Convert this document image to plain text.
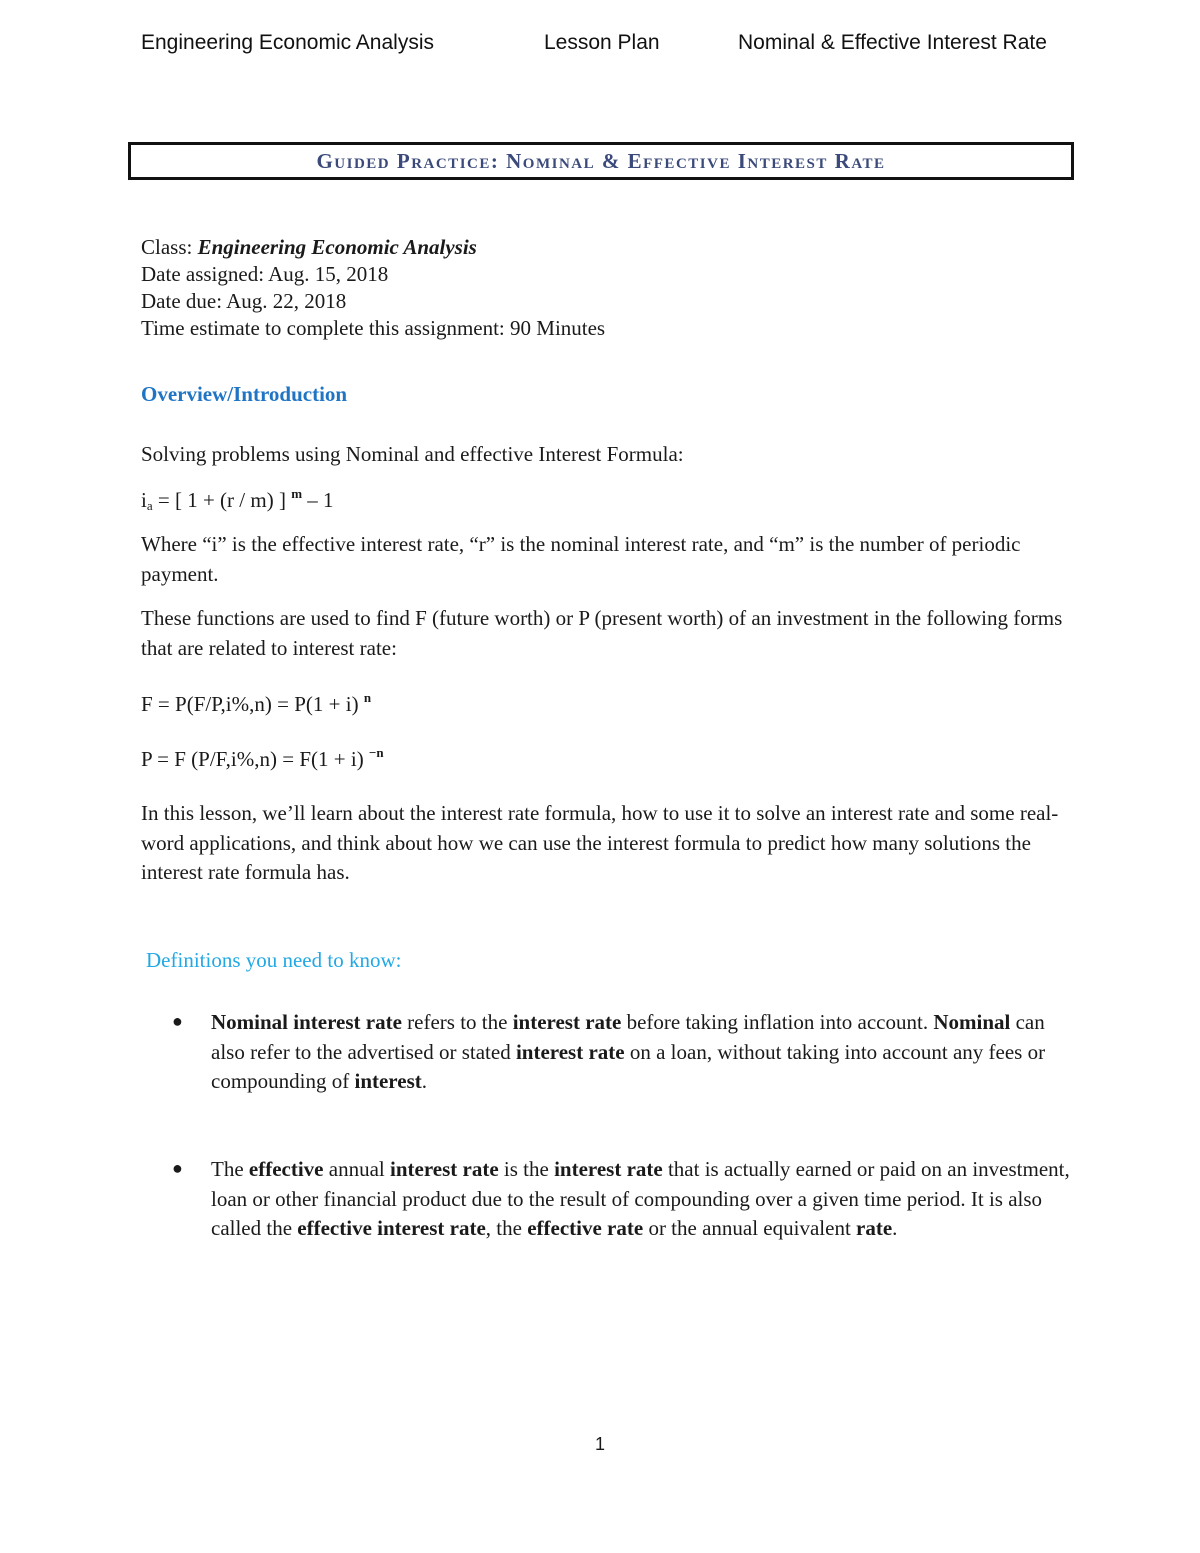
Engineering Economic Analysis	Lesson Plan	Nominal & Effective Interest Rate
Guided Practice: Nominal & Effective Interest Rate
Class: Engineering Economic Analysis
Date assigned: Aug. 15, 2018
Date due: Aug. 22, 2018
Time estimate to complete this assignment: 90 Minutes
Overview/Introduction
Solving problems using Nominal and effective Interest Formula:
$i_a$ = [ 1 + (r / m) ] $^m$ – 1
Where “i” is the effective interest rate, “r” is the nominal interest rate, and “m” is the number of periodic payment.
These functions are used to find F (future worth) or P (present worth) of an investment in the following forms that are related to interest rate:
F = P(F/P,i%,n) = P(1 + i) $^n$
P = F (P/F,i%,n) = F(1 + i) $^{-n}$
In this lesson, we’ll learn about the interest rate formula, how to use it to solve an interest rate and some real-word applications, and think about how we can use the interest formula to predict how many solutions the interest rate formula has.
Definitions you need to know:
● Nominal interest rate refers to the interest rate before taking inflation into account. Nominal can also refer to the advertised or stated interest rate on a loan, without taking into account any fees or compounding of interest.
● The effective annual interest rate is the interest rate that is actually earned or paid on an investment, loan or other financial product due to the result of compounding over a given time period. It is also called the effective interest rate, the effective rate or the annual equivalent rate.
1
